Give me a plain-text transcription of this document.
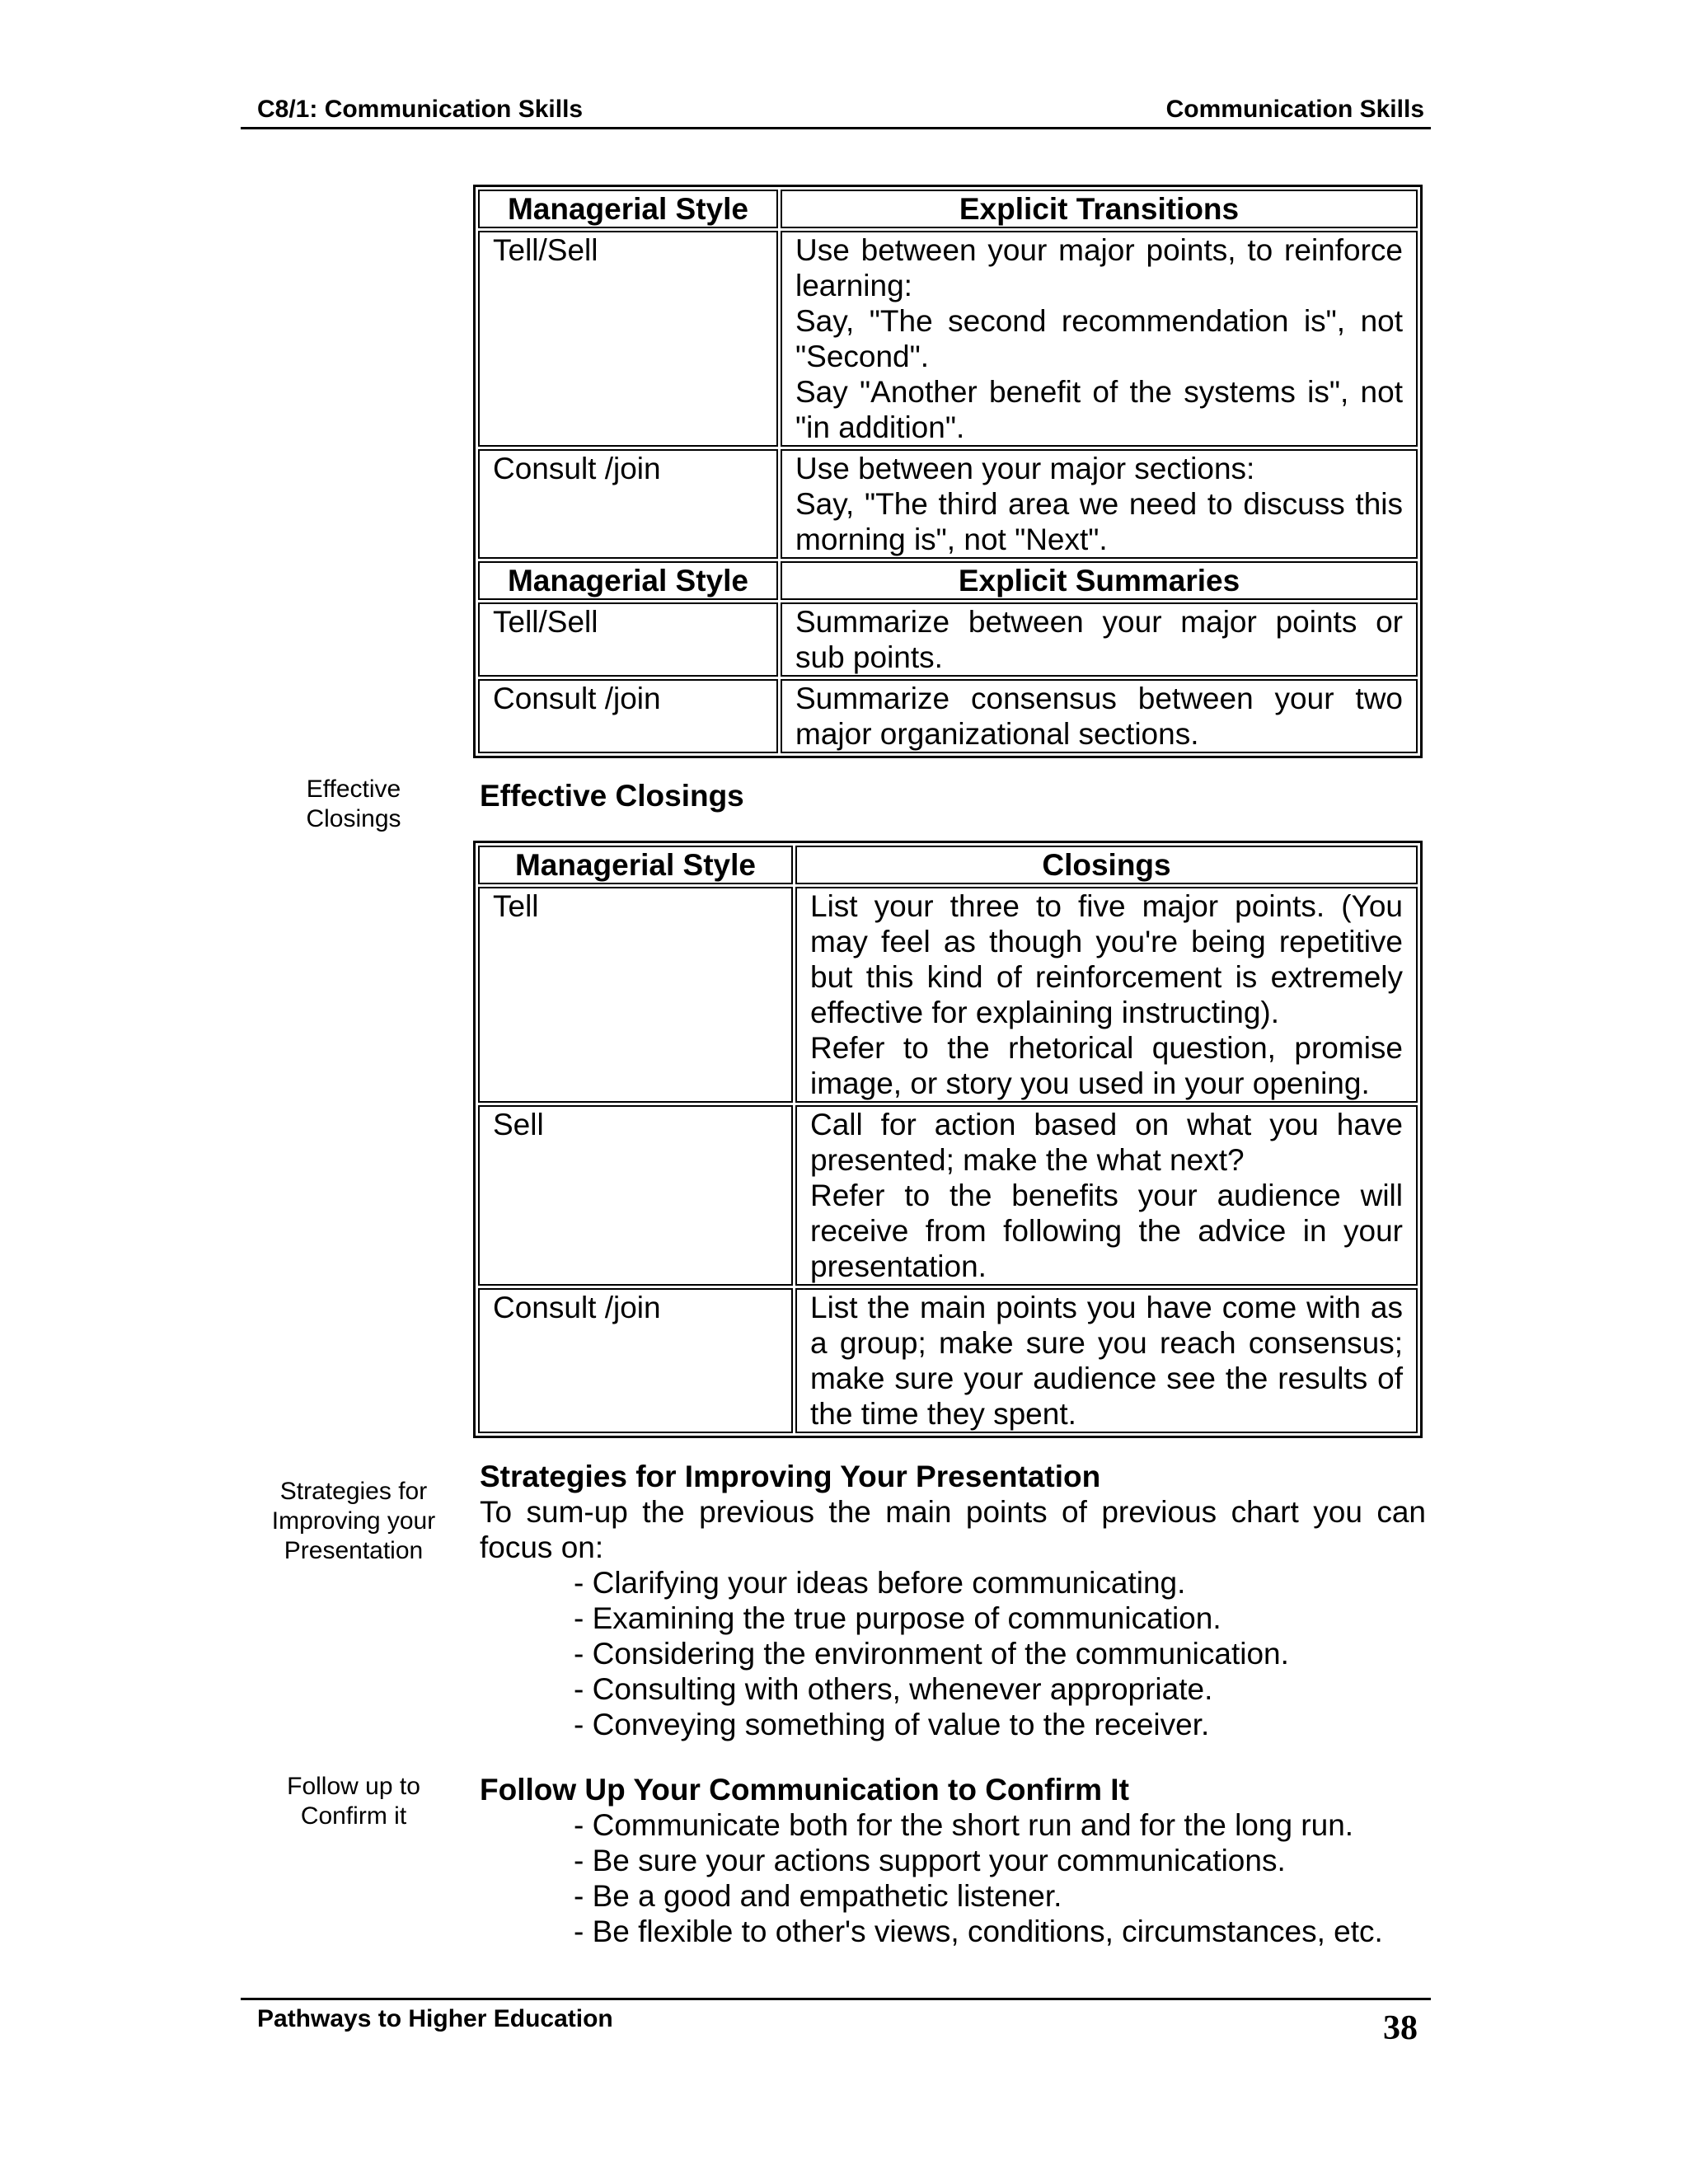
C8/1: Communication Skills	Communication Skills
Managerial Style	Explicit Transitions

Tell/Sell	Use between your major points, to reinforce learning:
Say, "The second recommendation is", not "Second".
Say "Another benefit of the systems is", not "in addition".

Consult /join	Use between your major sections:
Say, "The third area we need to discuss this morning is", not "Next".

Managerial Style	Explicit Summaries

Tell/Sell	Summarize between your major points or sub points.

Consult /join	Summarize consensus between your two major organizational sections.
Effective
Closings
Effective Closings
Managerial Style	Closings
Tell	List your three to five major points. (You may feel as though you're being repetitive but this kind of reinforcement is extremely effective for explaining instructing).
Refer to the rhetorical question, promise image, or story you used in your opening.

Sell	Call for action based on what you have presented; make the what next?
Refer to the benefits your audience will receive from following the advice in your presentation.

Consult /join	List the main points you have come with as a group; make sure you reach consensus; make sure your audience see the results of the time they spent.
Strategies for
Improving your
Presentation
Strategies for Improving Your Presentation
To sum-up the previous the main points of previous chart you can focus on:
- Clarifying your ideas before communicating.
- Examining the true purpose of communication.
- Considering the environment of the communication.
- Consulting with others, whenever appropriate.
- Conveying something of value to the receiver.
Follow up to
Confirm it
Follow Up Your Communication to Confirm It
- Communicate both for the short run and for the long run.
- Be sure your actions support your communications.
- Be a good and empathetic listener.
- Be flexible to other's views, conditions, circumstances, etc.
Pathways to Higher Education	38
